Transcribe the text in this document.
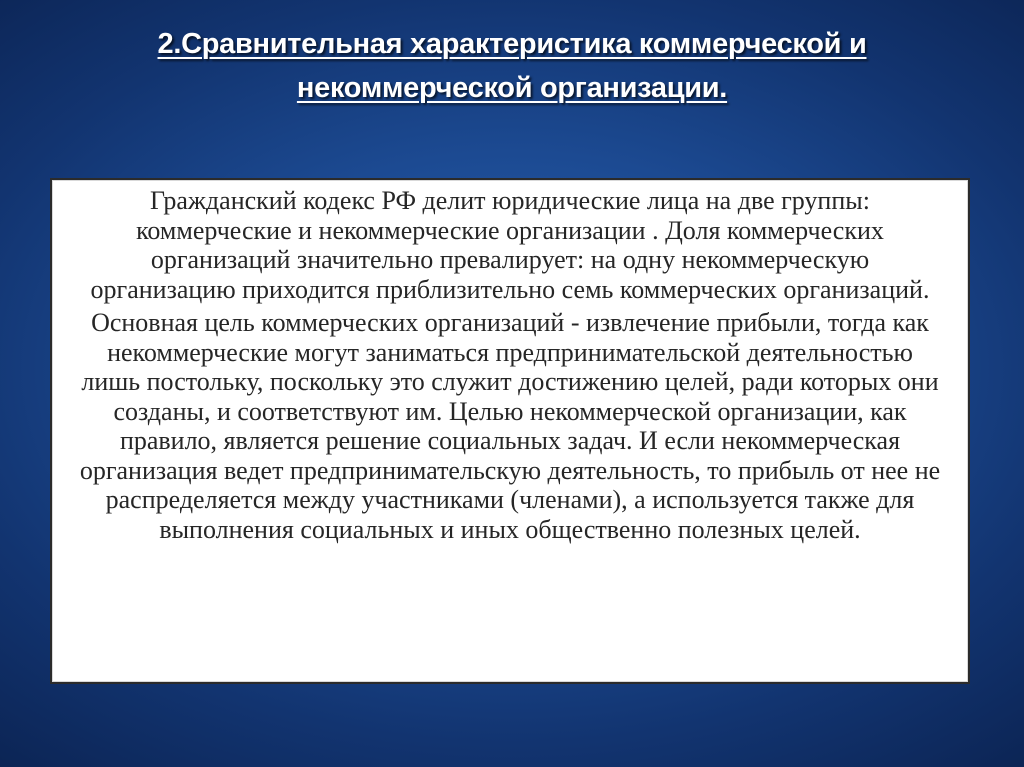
2.Сравнительная характеристика коммерческой и
некоммерческой организации.

Гражданский кодекс РФ делит юридические лица на две группы: коммерческие и некоммерческие организации . Доля коммерческих организаций значительно превалирует: на одну некоммерческую организацию приходится приблизительно семь коммерческих организаций.

Основная цель коммерческих организаций - извлечение прибыли, тогда как некоммерческие могут заниматься предпринимательской деятельностью лишь постольку, поскольку это служит достижению целей, ради которых они созданы, и соответствуют им. Целью некоммерческой организации, как правило, является решение социальных задач. И если некоммерческая организация ведет предпринимательскую деятельность, то прибыль от нее не распределяется между участниками (членами), а используется также для выполнения социальных и иных общественно полезных целей.
